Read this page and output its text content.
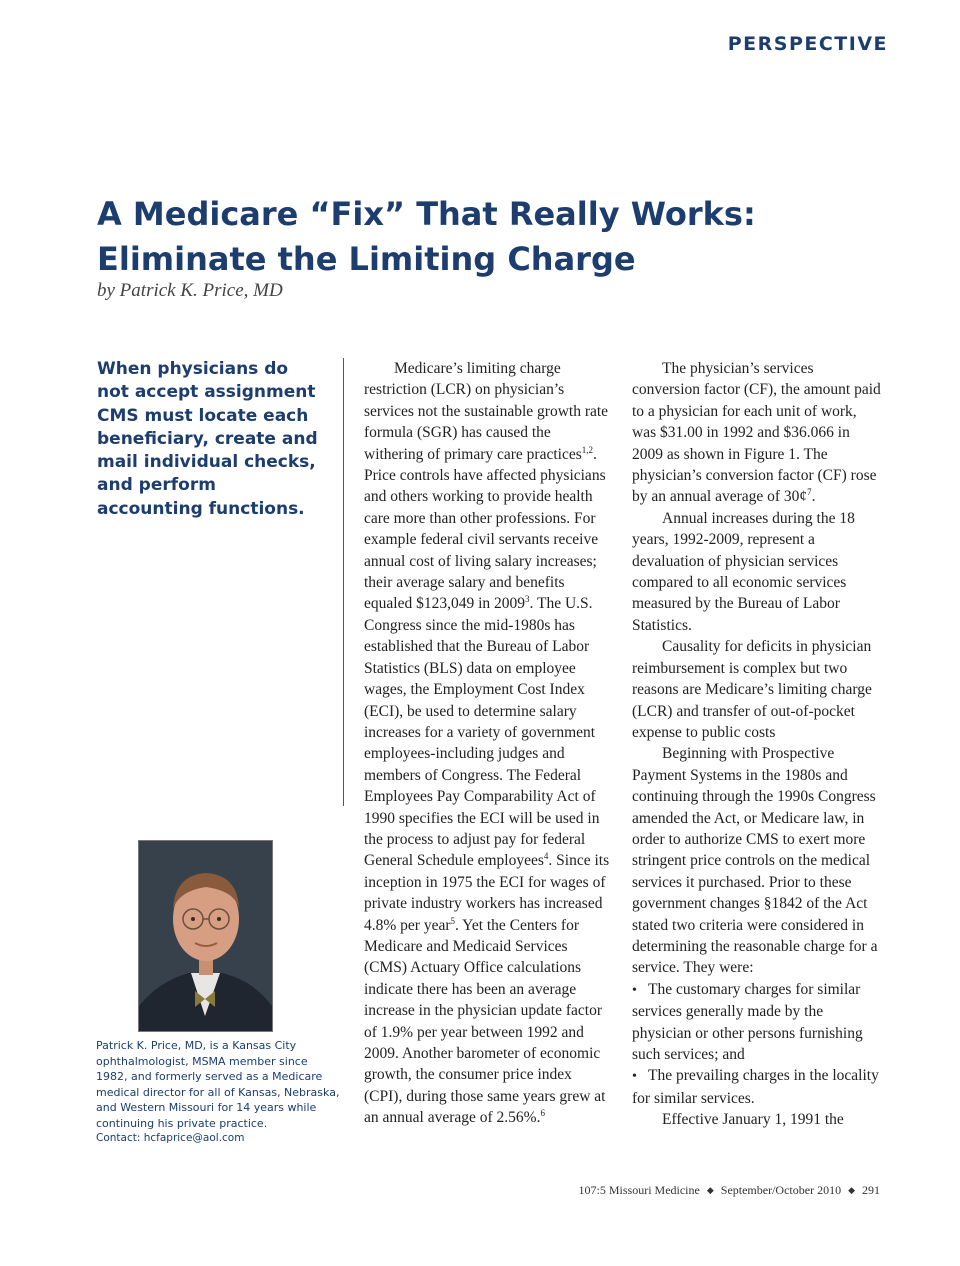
PERSPECTIVE
A Medicare “Fix” That Really Works:
Eliminate the Limiting Charge
by Patrick K. Price, MD
When physicians do not accept assignment CMS must locate each beneficiary, create and mail individual checks, and perform accounting functions.
Patrick K. Price, MD, is a Kansas City ophthalmologist, MSMA member since 1982, and formerly served as a Medicare medical director for all of Kansas, Nebraska, and Western Missouri for 14 years while continuing his private practice.
Contact: hcfaprice@aol.com

Medicare’s limiting charge restriction (LCR) on physician’s services not the sustainable growth rate formula (SGR) has caused the withering of primary care practices$^{1,2}$. Price controls have affected physicians and others working to provide health care more than other professions. For example federal civil servants receive annual cost of living salary increases; their average salary and benefits equaled $123,049 in 2009$^3$. The U.S. Congress since the mid-1980s has established that the Bureau of Labor Statistics (BLS) data on employee wages, the Employment Cost Index (ECI), be used to determine salary increases for a variety of government employees-including judges and members of Congress. The Federal Employees Pay Comparability Act of 1990 specifies the ECI will be used in the process to adjust pay for federal General Schedule employees$^4$. Since its inception in 1975 the ECI for wages of private industry workers has increased 4.8% per year$^5$. Yet the Centers for Medicare and Medicaid Services (CMS) Actuary Office calculations indicate there has been an average increase in the physician update factor of 1.9% per year between 1992 and 2009. Another barometer of economic growth, the consumer price index (CPI), during those same years grew at an annual average of 2.56%.$^6$

The physician’s services conversion factor (CF), the amount paid to a physician for each unit of work, was $31.00 in 1992 and $36.066 in 2009 as shown in Figure 1. The physician’s conversion factor (CF) rose by an annual average of 30¢$^7$.

Annual increases during the 18 years, 1992-2009, represent a devaluation of physician services compared to all economic services measured by the Bureau of Labor Statistics.

Causality for deficits in physician reimbursement is complex but two reasons are Medicare’s limiting charge (LCR) and transfer of out-of-pocket expense to public costs

Beginning with Prospective Payment Systems in the 1980s and continuing through the 1990s Congress amended the Act, or Medicare law, in order to authorize CMS to exert more stringent price controls on the medical services it purchased. Prior to these government changes §1842 of the Act stated two criteria were considered in determining the reasonable charge for a service. They were:

• The customary charges for similar services generally made by the physician or other persons furnishing such services; and

• The prevailing charges in the locality for similar services.

Effective January 1, 1991 the

107:5 Missouri Medicine ◆ September/October 2010 ◆ 291
